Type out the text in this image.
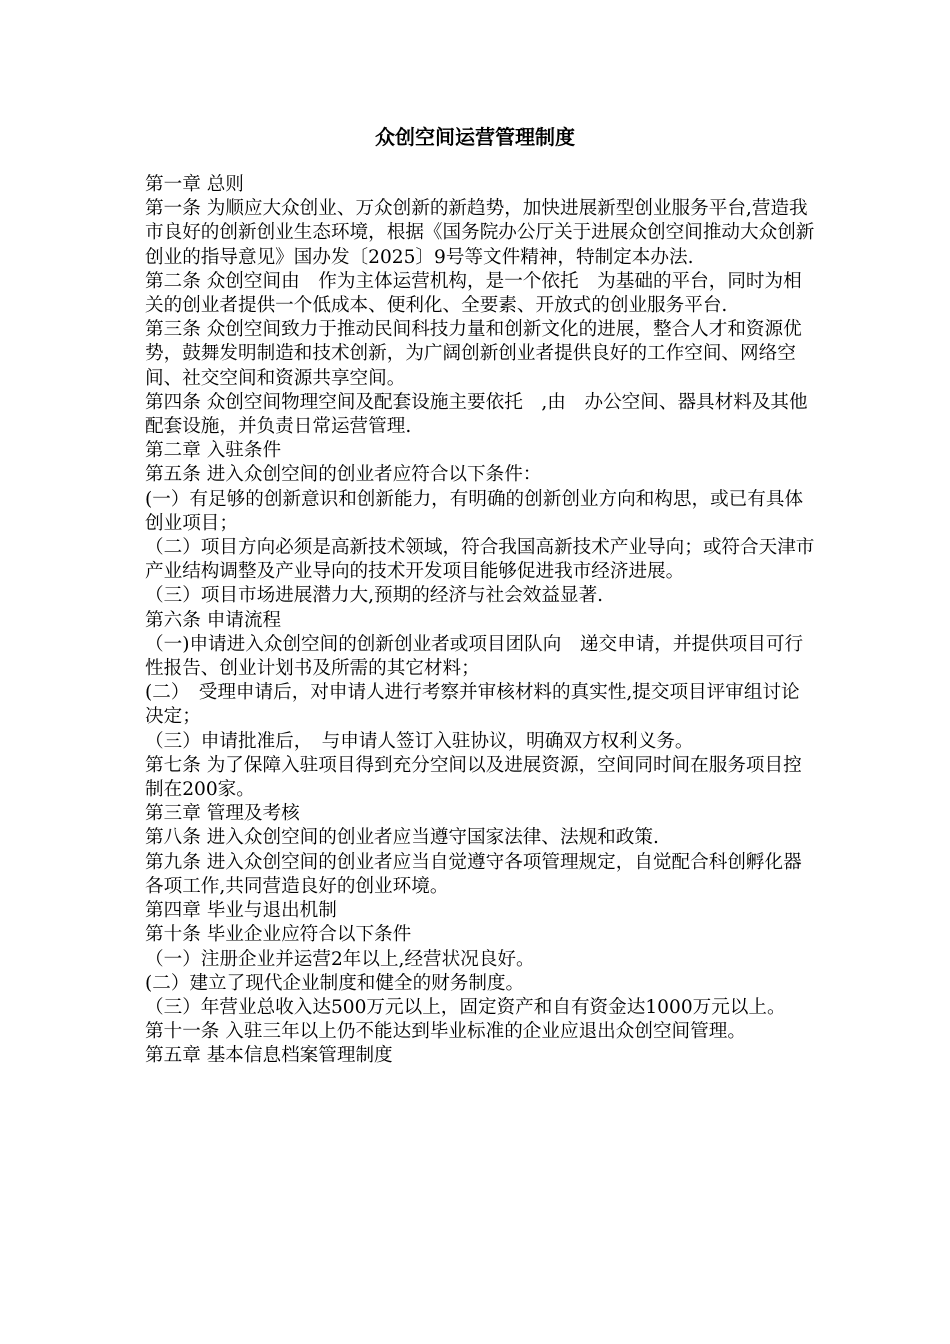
众创空间运营管理制度

第一章 总则

第一条 为顺应大众创业、万众创新的新趋势，加快进展新型创业服务平台,营造我市良好的创新创业生态环境，根据《国务院办公厅关于进展众创空间推动大众创新创业的指导意见》国办发〔2025〕9号等文件精神，特制定本办法.

第二条 众创空间由　作为主体运营机构，是一个依托　为基础的平台，同时为相关的创业者提供一个低成本、便利化、全要素、开放式的创业服务平台.

第三条 众创空间致力于推动民间科技力量和创新文化的进展，整合人才和资源优势，鼓舞发明制造和技术创新，为广阔创新创业者提供良好的工作空间、网络空间、社交空间和资源共享空间。

第四条 众创空间物理空间及配套设施主要依托　,由　办公空间、器具材料及其他配套设施，并负责日常运营管理.

第二章 入驻条件

第五条 进入众创空间的创业者应符合以下条件：

(一）有足够的创新意识和创新能力，有明确的创新创业方向和构思，或已有具体创业项目；

（二）项目方向必须是高新技术领域，符合我国高新技术产业导向；或符合天津市产业结构调整及产业导向的技术开发项目能够促进我市经济进展。

（三）项目市场进展潜力大,预期的经济与社会效益显著.

第六条 申请流程

（一)申请进入众创空间的创新创业者或项目团队向　递交申请，并提供项目可行性报告、创业计划书及所需的其它材料；

(二）　受理申请后，对申请人进行考察并审核材料的真实性,提交项目评审组讨论决定；

（三）申请批准后，　与申请人签订入驻协议，明确双方权利义务。

第七条 为了保障入驻项目得到充分空间以及进展资源，空间同时间在服务项目控制在200家。

第三章 管理及考核

第八条 进入众创空间的创业者应当遵守国家法律、法规和政策.

第九条 进入众创空间的创业者应当自觉遵守各项管理规定，自觉配合科创孵化器各项工作,共同营造良好的创业环境。

第四章 毕业与退出机制

第十条 毕业企业应符合以下条件

（一）注册企业并运营2年以上,经营状况良好。

(二）建立了现代企业制度和健全的财务制度。

（三）年营业总收入达500万元以上，固定资产和自有资金达1000万元以上。

第十一条 入驻三年以上仍不能达到毕业标准的企业应退出众创空间管理。

第五章 基本信息档案管理制度
